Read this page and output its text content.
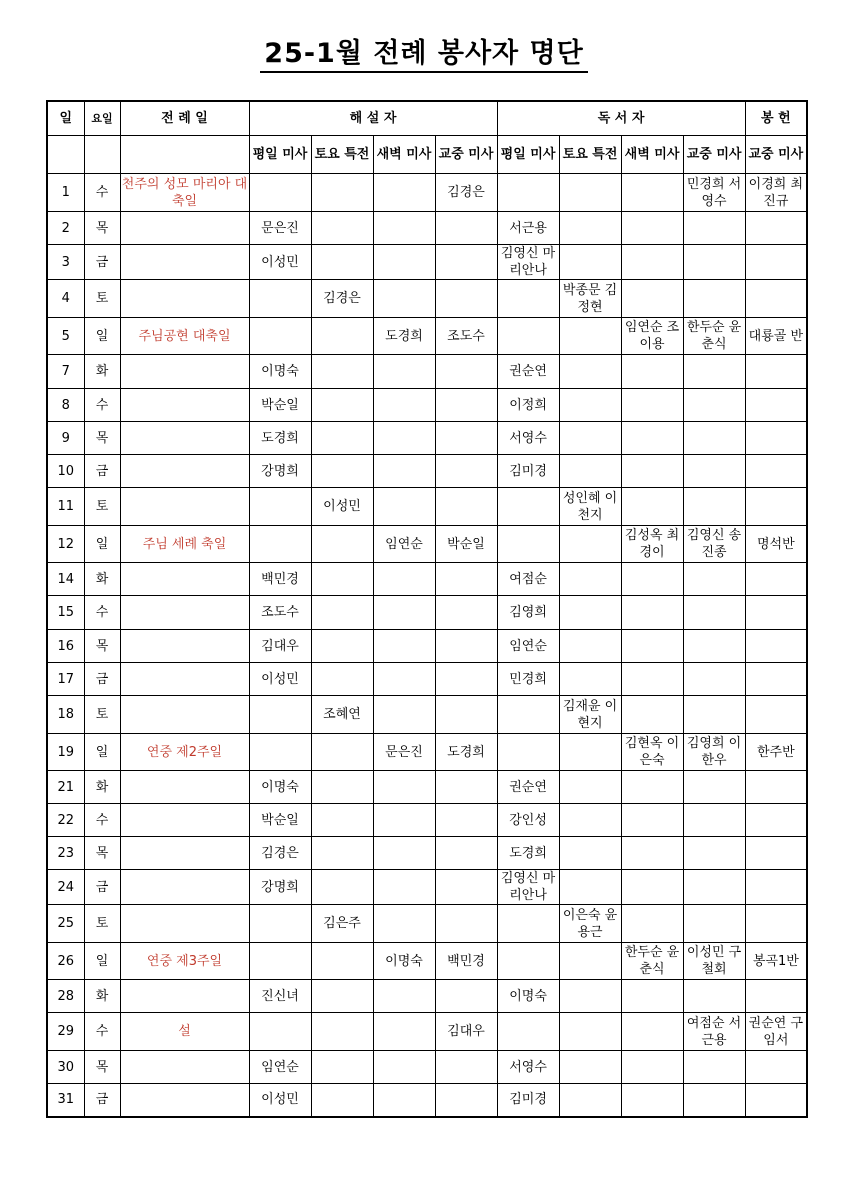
25-1월 전례 봉사자 명단
일	요일	전 례 일	해 설 자				독 서 자				봉 헌
			평일 미사	토요 특전	새벽 미사	교중 미사	평일 미사	토요 특전	새벽 미사	교중 미사	교중 미사
1	수	천주의 성모 마리아 대축일				김경은				민경희 서영수	이경희 최진규
2	목		문은진				서근용				
3	금		이성민				김영신 마리안나				
4	토			김경은				박종문 김정현			
5	일	주님공현 대축일			도경희	조도수			임연순 조이용	한두순 윤춘식	대룡골 반
7	화		이명숙				권순연				
8	수		박순일				이정희				
9	목		도경희				서영수				
10	금		강명희				김미경				
11	토			이성민				성인혜 이천지			
12	일	주님 세례 축일			임연순	박순일			김성옥 최경이	김영신 송진종	명석반
14	화		백민경				여점순				
15	수		조도수				김영희				
16	목		김대우				임연순				
17	금		이성민				민경희				
18	토			조혜연				김재윤 이현지			
19	일	연중 제2주일			문은진	도경희			김현옥 이은숙	김영희 이한우	한주반
21	화		이명숙				권순연				
22	수		박순일				강인성				
23	목		김경은				도경희				
24	금		강명희				김영신 마리안나				
25	토			김은주				이은숙 윤용근			
26	일	연중 제3주일			이명숙	백민경			한두순 윤춘식	이성민 구철회	봉곡1반
28	화		진신녀				이명숙				
29	수	설				김대우				여점순 서근용	권순연 구임서
30	목		임연순				서영수				
31	금		이성민				김미경				
